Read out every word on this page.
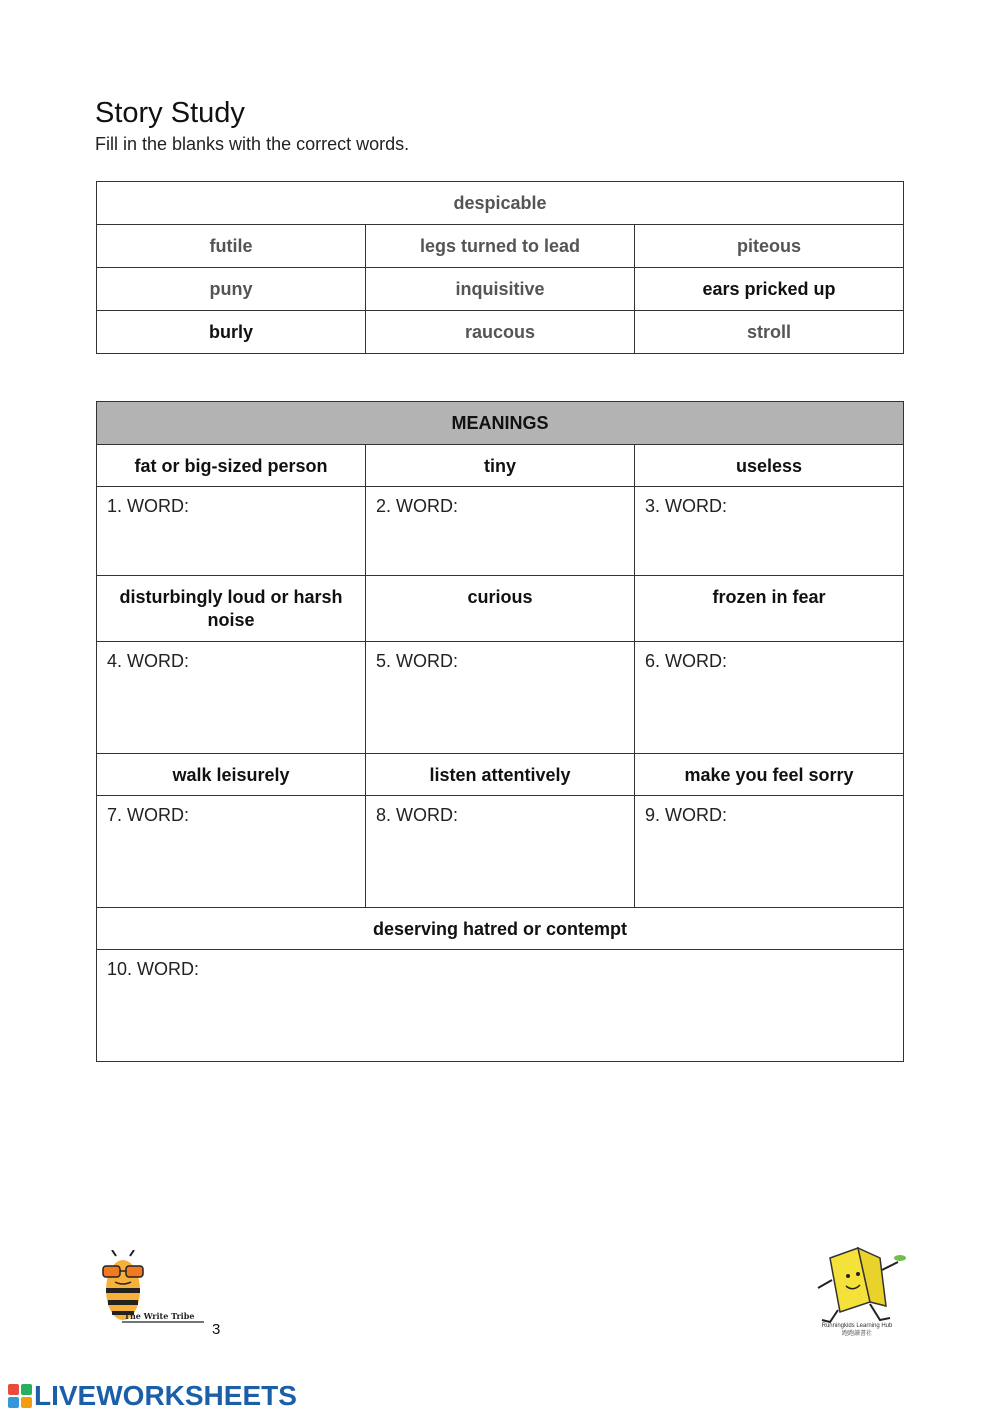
Story Study
Fill in the blanks with the correct words.
despicable		
futile	legs turned to lead	piteous
puny	inquisitive	ears pricked up
burly	raucous	stroll
MEANINGS		
fat or big-sized person	tiny	useless
1. WORD:	2. WORD:	3. WORD:
disturbingly loud or harsh noise	curious	frozen in fear
4. WORD:	5. WORD:	6. WORD:
walk leisurely	listen attentively	make you feel sorry
7. WORD:	8. WORD:	9. WORD:
deserving hatred or contempt		
10. WORD:		
The Write Tribe
3	Runningkids Learning Hub
跑跑讀書社
LIVEWORKSHEETS
